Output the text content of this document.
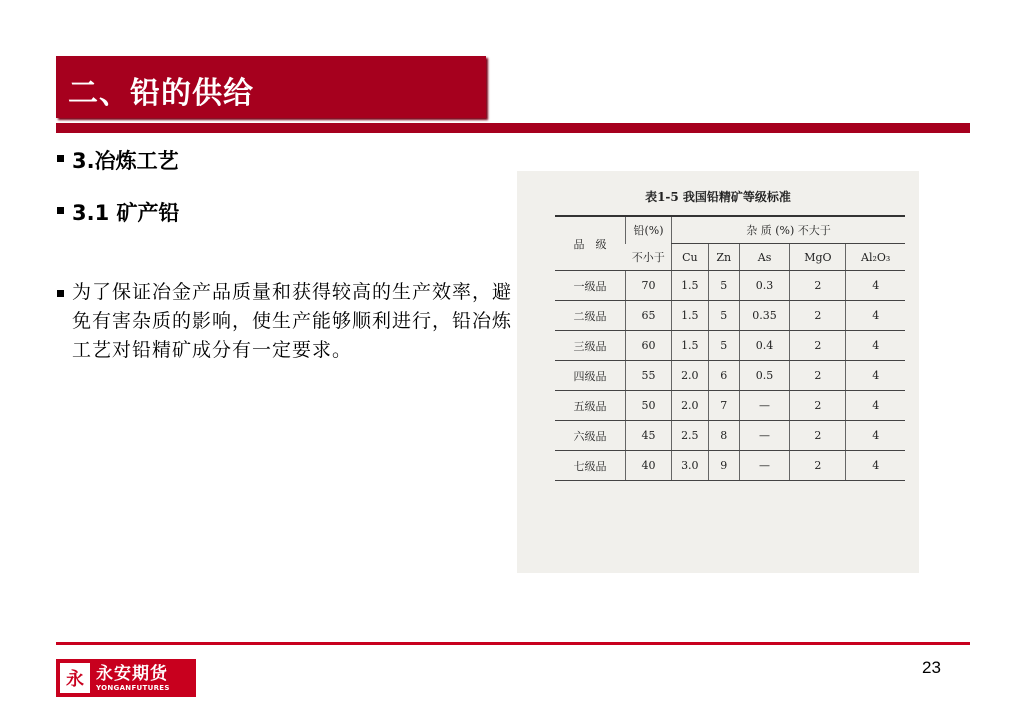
二、铅的供给
3.冶炼工艺
3.1 矿产铅
为了保证冶金产品质量和获得较高的生产效率，避免有害杂质的影响，使生产能够顺利进行，铅冶炼工艺对铅精矿成分有一定要求。
表1-5 我国铅精矿等级标准
品　级	铅(%)	杂 质 (%) 不大于				
	不小于	Cu	Zn	As	MgO	Al₂O₃
一级品	70	1.5	5	0.3	2	4
二级品	65	1.5	5	0.35	2	4
三级品	60	1.5	5	0.4	2	4
四级品	55	2.0	6	0.5	2	4
五级品	50	2.0	7	—	2	4
六级品	45	2.5	8	—	2	4
七级品	40	3.0	9	—	2	4
永 永安期货
YONGANFUTURES
23
